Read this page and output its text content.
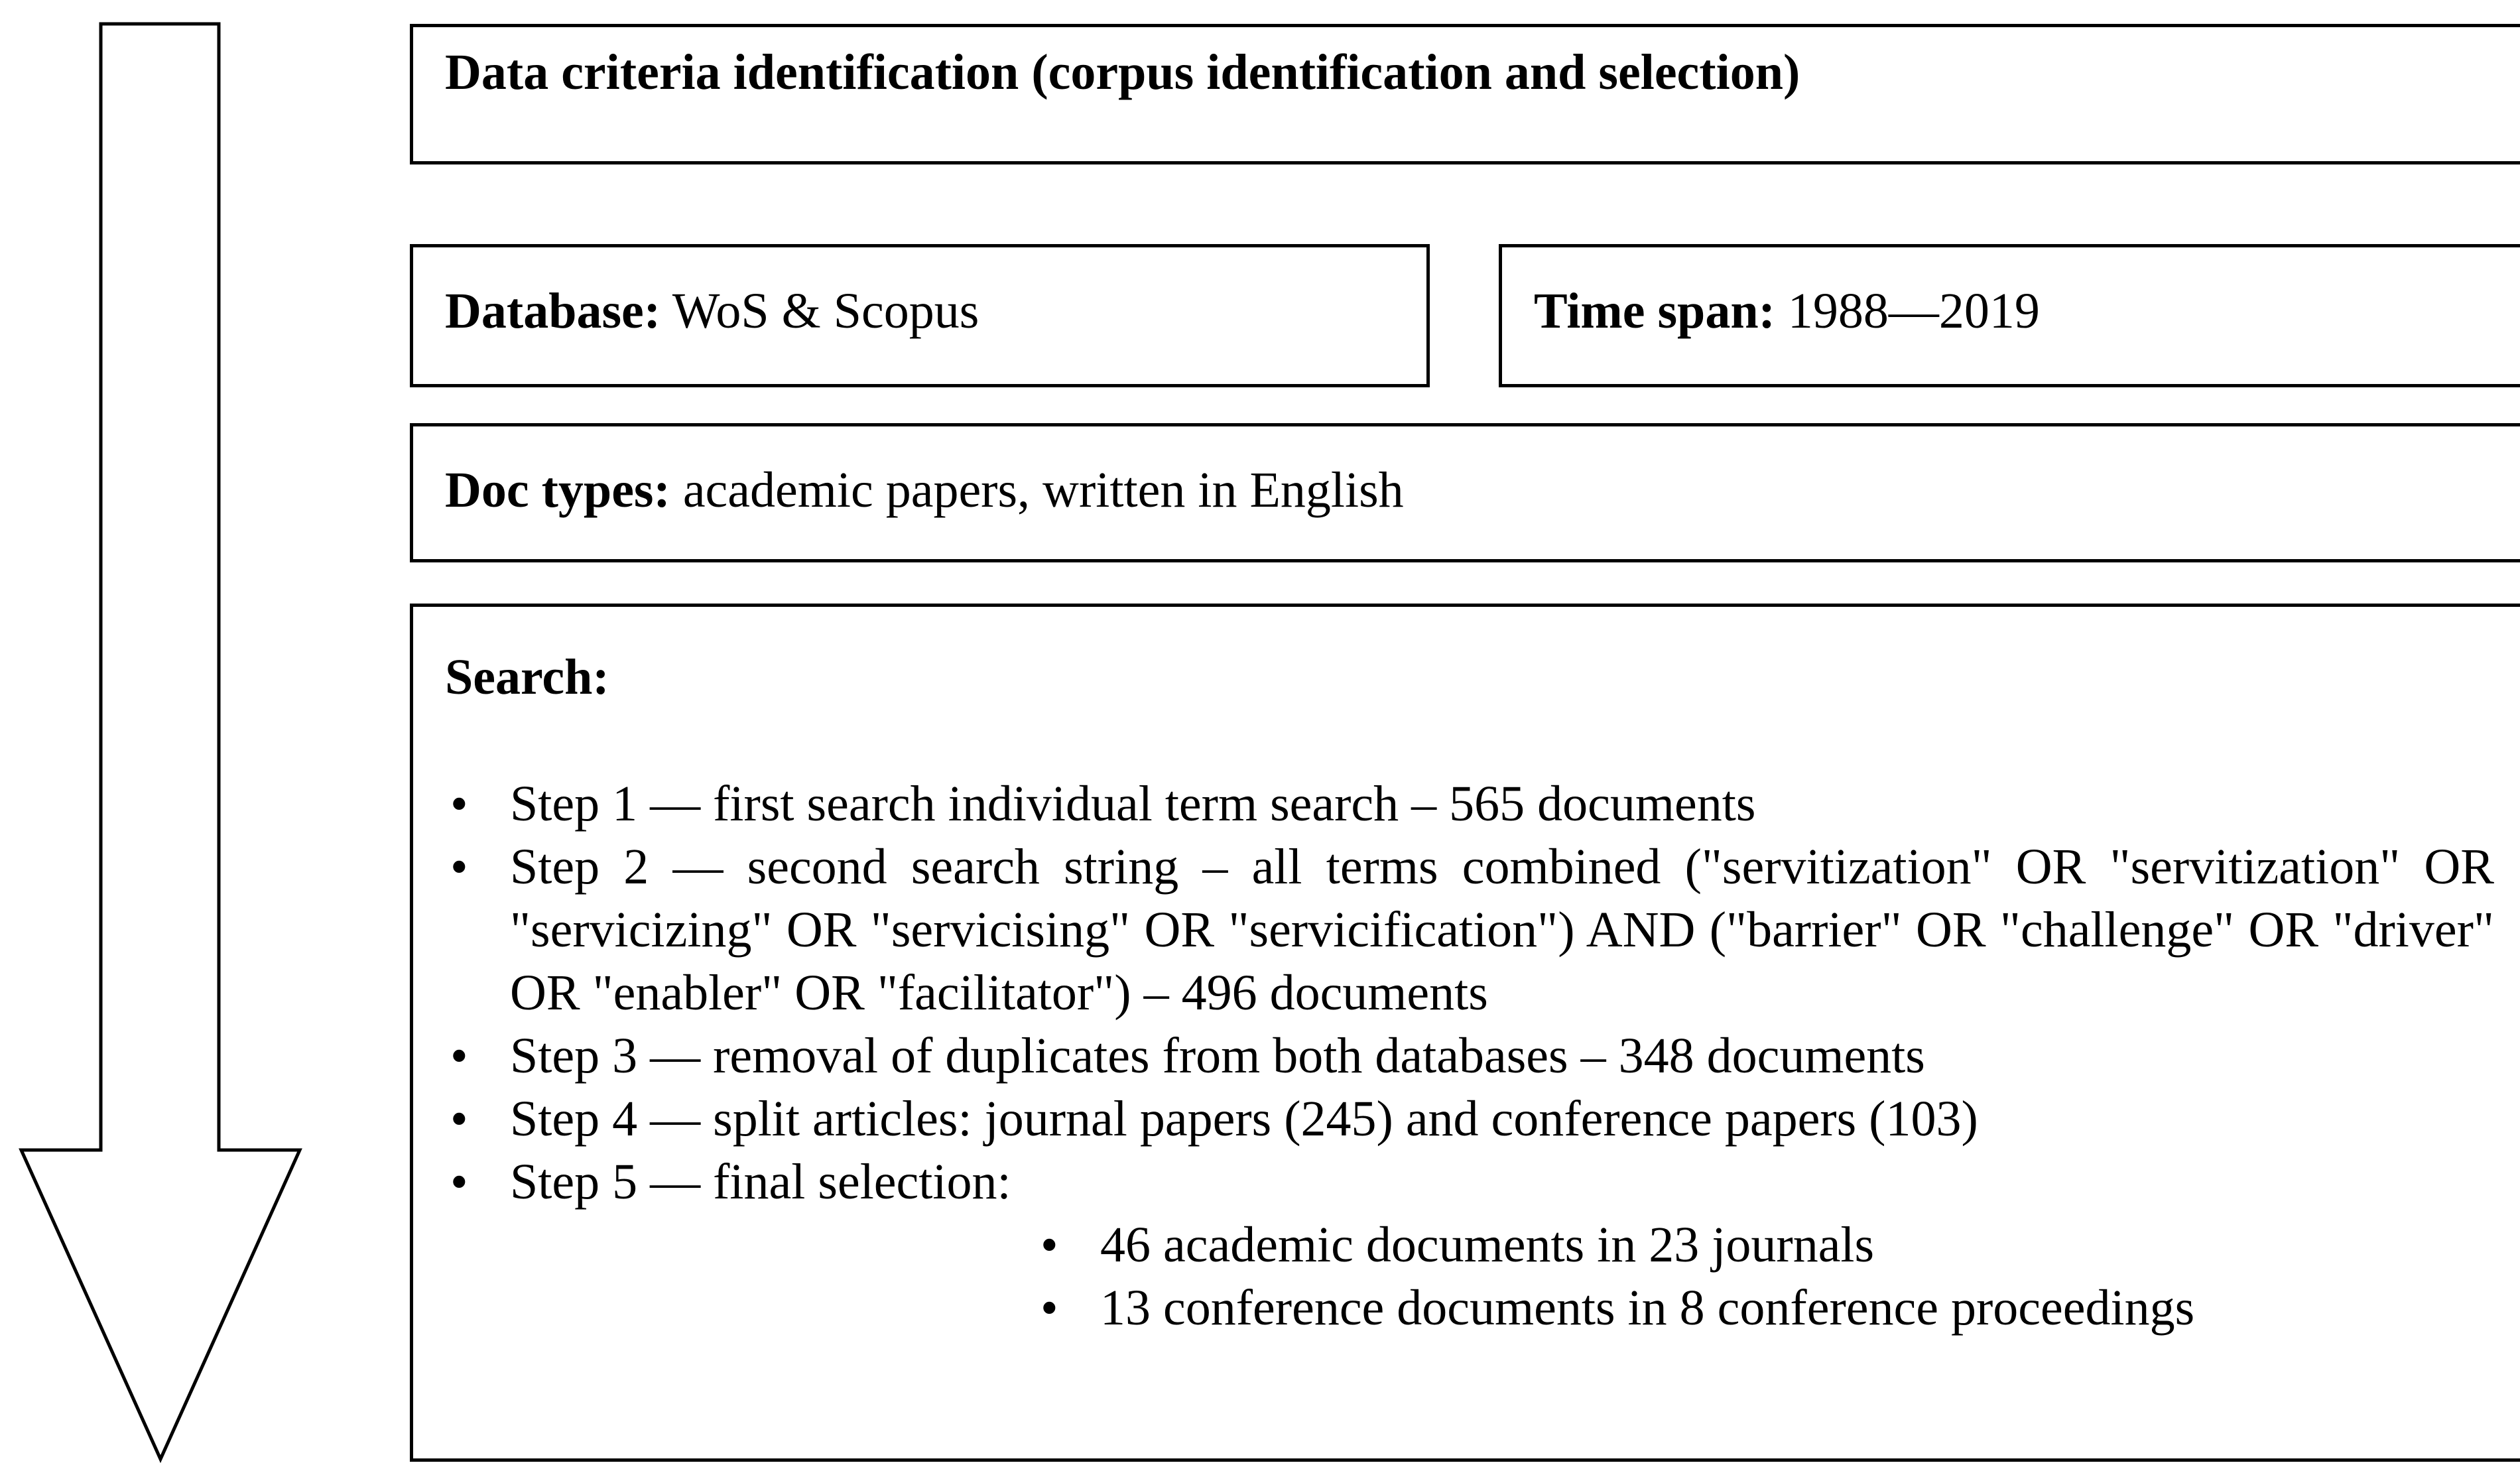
Data criteria identification (corpus identification and selection)
Database: WoS & Scopus	Time span: 1988—2019
Doc types: academic papers, written in English
Search:
• Step 1 — first search individual term search – 565 documents
• Step 2 — second search string – all terms combined ("servitization" OR "servitization" OR "servicizing" OR "servicising" OR "servicification") AND ("barrier" OR "challenge" OR "driver" OR "enabler" OR "facilitator") – 496 documents
• Step 3 — removal of duplicates from both databases – 348 documents
• Step 4 — split articles: journal papers (245) and conference papers (103)
• Step 5 — final selection:
• 46 academic documents in 23 journals
• 13 conference documents in 8 conference proceedings
